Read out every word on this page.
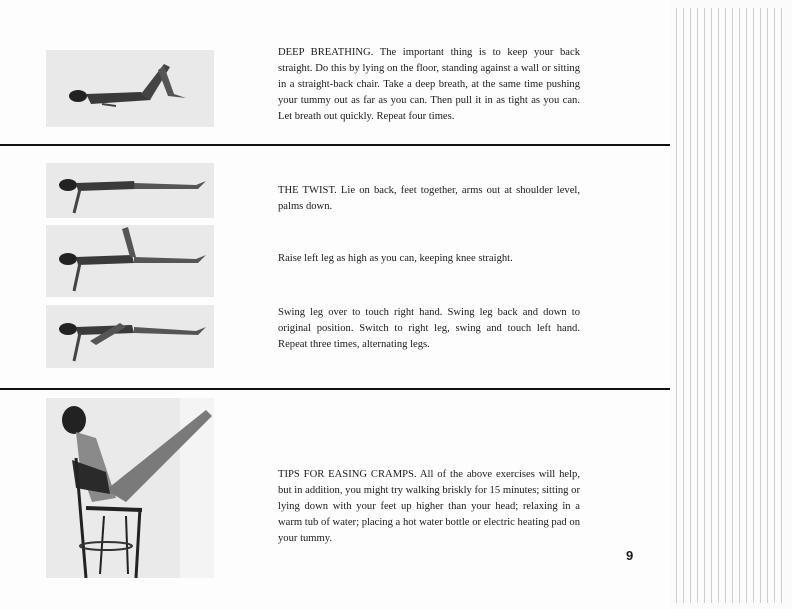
DEEP BREATHING. The important thing is to keep your back straight. Do this by lying on the floor, standing against a wall or sitting in a straight-back chair. Take a deep breath, at the same time pushing your tummy out as far as you can. Then pull it in as tight as you can. Let breath out quickly. Repeat four times.

THE TWIST. Lie on back, feet together, arms out at shoulder level, palms down.

Raise left leg as high as you can, keeping knee straight.

Swing leg over to touch right hand. Swing leg back and down to original position. Switch to right leg, swing and touch left hand. Repeat three times, alternating legs.

TIPS FOR EASING CRAMPS. All of the above exercises will help, but in addition, you might try walking briskly for 15 minutes; sitting or lying down with your feet up higher than your head; relaxing in a warm tub of water; placing a hot water bottle or electric heating pad on your tummy.

9
